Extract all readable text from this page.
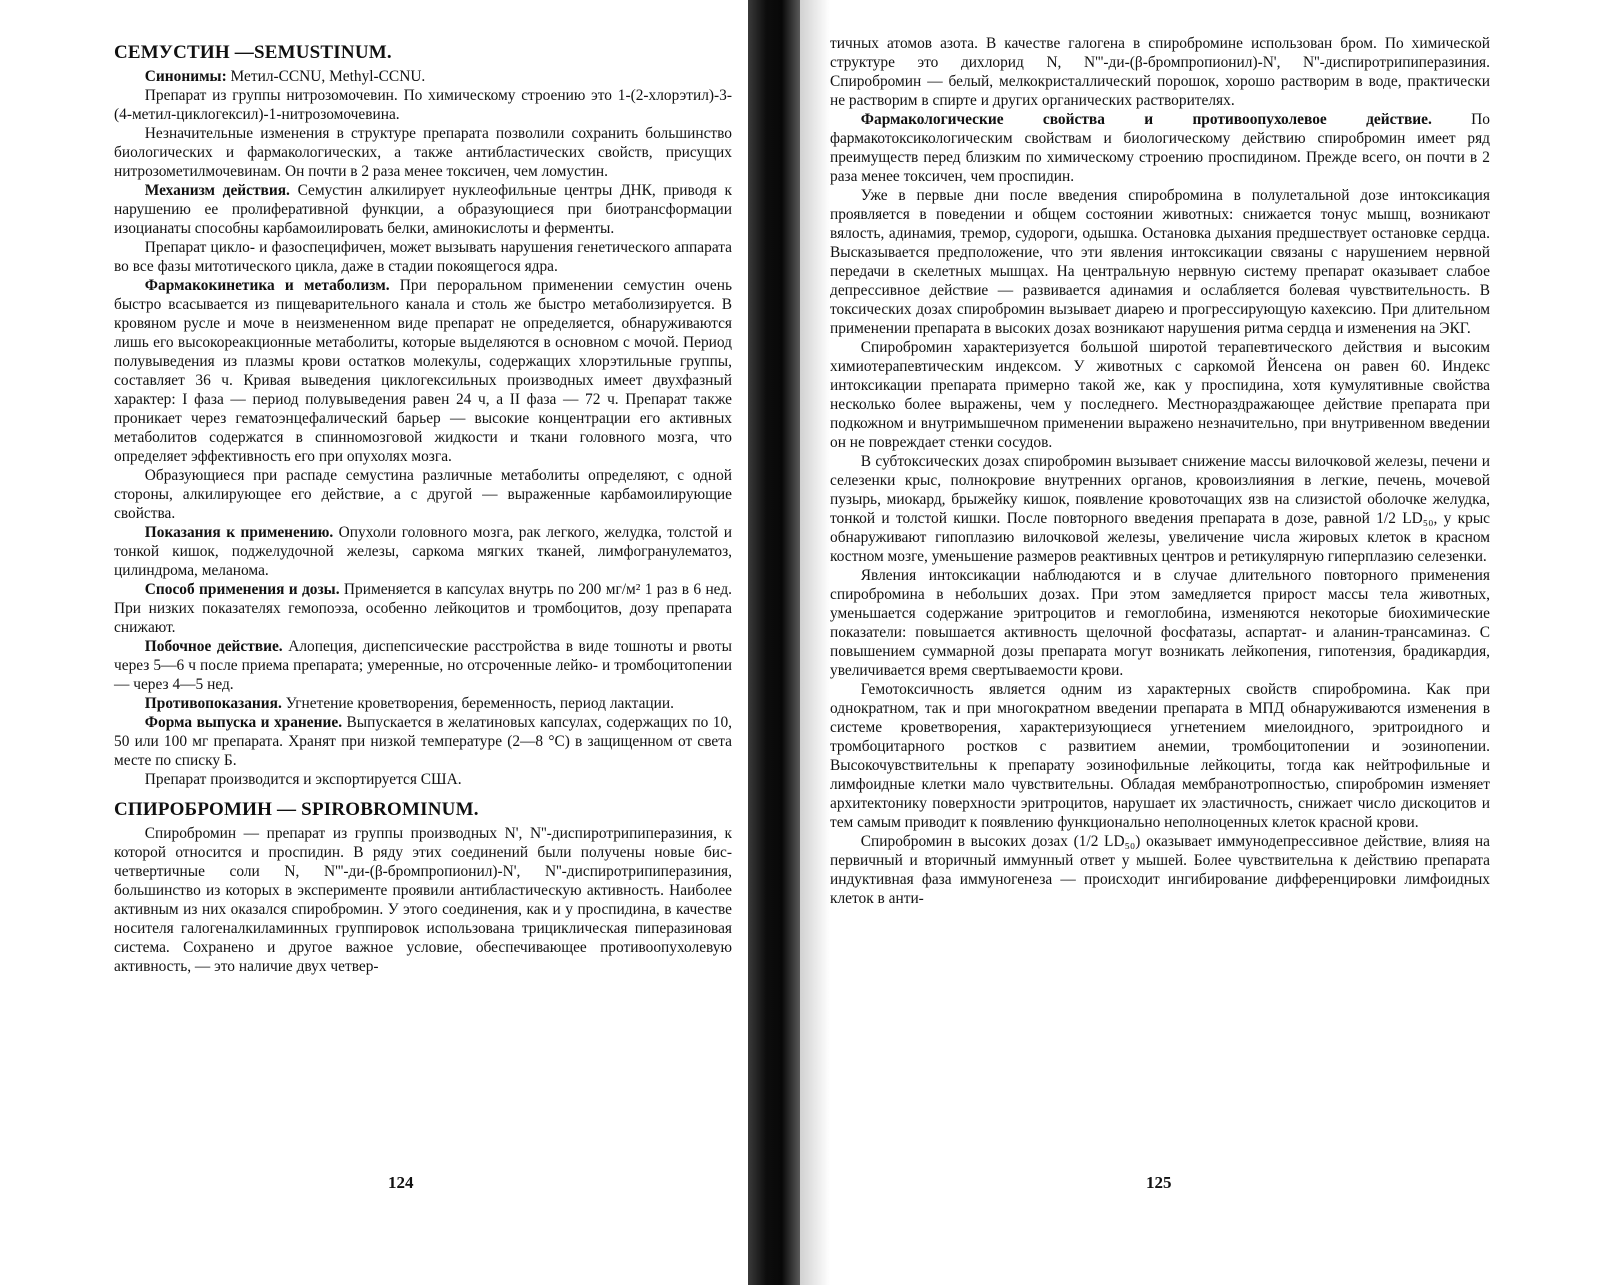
СЕМУСТИН —SEMUSTINUM.

Синонимы: Метил-CCNU, Methyl-CCNU.

Препарат из группы нитрозомочевин. По химическому строению это 1-(2-хлорэтил)-3-(4-метил-циклогексил)-1-нитрозомочевина.

Незначительные изменения в структуре препарата позволили сохранить большинство биологических и фармакологических, а также антибластических свойств, присущих нитрозометилмочевинам. Он почти в 2 раза менее токсичен, чем ломустин.

Механизм действия. Семустин алкилирует нуклеофильные центры ДНК, приводя к нарушению ее пролиферативной функции, а образующиеся при биотрансформации изоцианаты способны карбамоилировать белки, аминокислоты и ферменты.

Препарат цикло- и фазоспецифичен, может вызывать нарушения генетического аппарата во все фазы митотического цикла, даже в стадии покоящегося ядра.

Фармакокинетика и метаболизм. При пероральном применении семустин очень быстро всасывается из пищеварительного канала и столь же быстро метаболизируется. В кровяном русле и моче в неизмененном виде препарат не определяется, обнаруживаются лишь его высокореакционные метаболиты, которые выделяются в основном с мочой. Период полувыведения из плазмы крови остатков молекулы, содержащих хлорэтильные группы, составляет 36 ч. Кривая выведения циклогексильных производных имеет двухфазный характер: I фаза — период полувыведения равен 24 ч, а II фаза — 72 ч. Препарат также проникает через гематоэнцефалический барьер — высокие концентрации его активных метаболитов содержатся в спинномозговой жидкости и ткани головного мозга, что определяет эффективность его при опухолях мозга.

Образующиеся при распаде семустина различные метаболиты определяют, с одной стороны, алкилирующее его действие, а с другой — выраженные карбамоилирующие свойства.

Показания к применению. Опухоли головного мозга, рак легкого, желудка, толстой и тонкой кишок, поджелудочной железы, саркома мягких тканей, лимфогранулематоз, цилиндрома, меланома.

Способ применения и дозы. Применяется в капсулах внутрь по 200 мг/м² 1 раз в 6 нед. При низких показателях гемопоэза, особенно лейкоцитов и тромбоцитов, дозу препарата снижают.

Побочное действие. Алопеция, диспепсические расстройства в виде тошноты и рвоты через 5—6 ч после приема препарата; умеренные, но отсроченные лейко- и тромбоцитопении — через 4—5 нед.

Противопоказания. Угнетение кроветворения, беременность, период лактации.

Форма выпуска и хранение. Выпускается в желатиновых капсулах, содержащих по 10, 50 или 100 мг препарата. Хранят при низкой температуре (2—8 °С) в защищенном от света месте по списку Б.

Препарат производится и экспортируется США.

СПИРОБРОМИН — SPIROBROMINUM.

Спиробромин — препарат из группы производных N', N''-диспиротрипиперазиния, к которой относится и проспидин. В ряду этих соединений были получены новые бис-четвертичные соли N, N'''-ди-(β-бромпропионил)-N', N''-диспиротрипиперазиния, большинство из которых в эксперименте проявили антибластическую активность. Наиболее активным из них оказался спиробромин. У этого соединения, как и у проспидина, в качестве носителя галогеналкиламинных группировок использована трициклическая пиперазиновая система. Сохранено и другое важное условие, обеспечивающее противоопухолевую активность, — это наличие двух четвер-

124

тичных атомов азота. В качестве галогена в спиробромине использован бром. По химической структуре это дихлорид N, N'''-ди-(β-бромпропионил)-N', N''-диспиротрипиперазиния. Спиробромин — белый, мелкокристаллический порошок, хорошо растворим в воде, практически не растворим в спирте и других органических растворителях.

Фармакологические свойства и противоопухолевое действие. По фармакотоксикологическим свойствам и биологическому действию спиробромин имеет ряд преимуществ перед близким по химическому строению проспидином. Прежде всего, он почти в 2 раза менее токсичен, чем проспидин.

Уже в первые дни после введения спиробромина в полулетальной дозе интоксикация проявляется в поведении и общем состоянии животных: снижается тонус мышц, возникают вялость, адинамия, тремор, судороги, одышка. Остановка дыхания предшествует остановке сердца. Высказывается предположение, что эти явления интоксикации связаны с нарушением нервной передачи в скелетных мышцах. На центральную нервную систему препарат оказывает слабое депрессивное действие — развивается адинамия и ослабляется болевая чувствительность. В токсических дозах спиробромин вызывает диарею и прогрессирующую кахексию. При длительном применении препарата в высоких дозах возникают нарушения ритма сердца и изменения на ЭКГ.

Спиробромин характеризуется большой широтой терапевтического действия и высоким химиотерапевтическим индексом. У животных с саркомой Йенсена он равен 60. Индекс интоксикации препарата примерно такой же, как у проспидина, хотя кумулятивные свойства несколько более выражены, чем у последнего. Местнораздражающее действие препарата при подкожном и внутримышечном применении выражено незначительно, при внутривенном введении он не повреждает стенки сосудов.

В субтоксических дозах спиробромин вызывает снижение массы вилочковой железы, печени и селезенки крыс, полнокровие внутренних органов, кровоизлияния в легкие, печень, мочевой пузырь, миокард, брыжейку кишок, появление кровоточащих язв на слизистой оболочке желудка, тонкой и толстой кишки. После повторного введения препарата в дозе, равной 1/2 LD₅₀, у крыс обнаруживают гипоплазию вилочковой железы, увеличение числа жировых клеток в красном костном мозге, уменьшение размеров реактивных центров и ретикулярную гиперплазию селезенки.

Явления интоксикации наблюдаются и в случае длительного повторного применения спиробромина в небольших дозах. При этом замедляется прирост массы тела животных, уменьшается содержание эритроцитов и гемоглобина, изменяются некоторые биохимические показатели: повышается активность щелочной фосфатазы, аспартат- и аланин-трансаминаз. С повышением суммарной дозы препарата могут возникать лейкопения, гипотензия, брадикардия, увеличивается время свертываемости крови.

Гемотоксичность является одним из характерных свойств спиробромина. Как при однократном, так и при многократном введении препарата в МПД обнаруживаются изменения в системе кроветворения, характеризующиеся угнетением миелоидного, эритроидного и тромбоцитарного ростков с развитием анемии, тромбоцитопении и эозинопении. Высокочувствительны к препарату эозинофильные лейкоциты, тогда как нейтрофильные и лимфоидные клетки мало чувствительны. Обладая мембранотропностью, спиробромин изменяет архитектонику поверхности эритроцитов, нарушает их эластичность, снижает число дискоцитов и тем самым приводит к появлению функционально неполноценных клеток красной крови.

Спиробромин в высоких дозах (1/2 LD₅₀) оказывает иммунодепрессивное действие, влияя на первичный и вторичный иммунный ответ у мышей. Более чувствительна к действию препарата индуктивная фаза иммуногенеза — происходит ингибирование дифференцировки лимфоидных клеток в анти-

125
